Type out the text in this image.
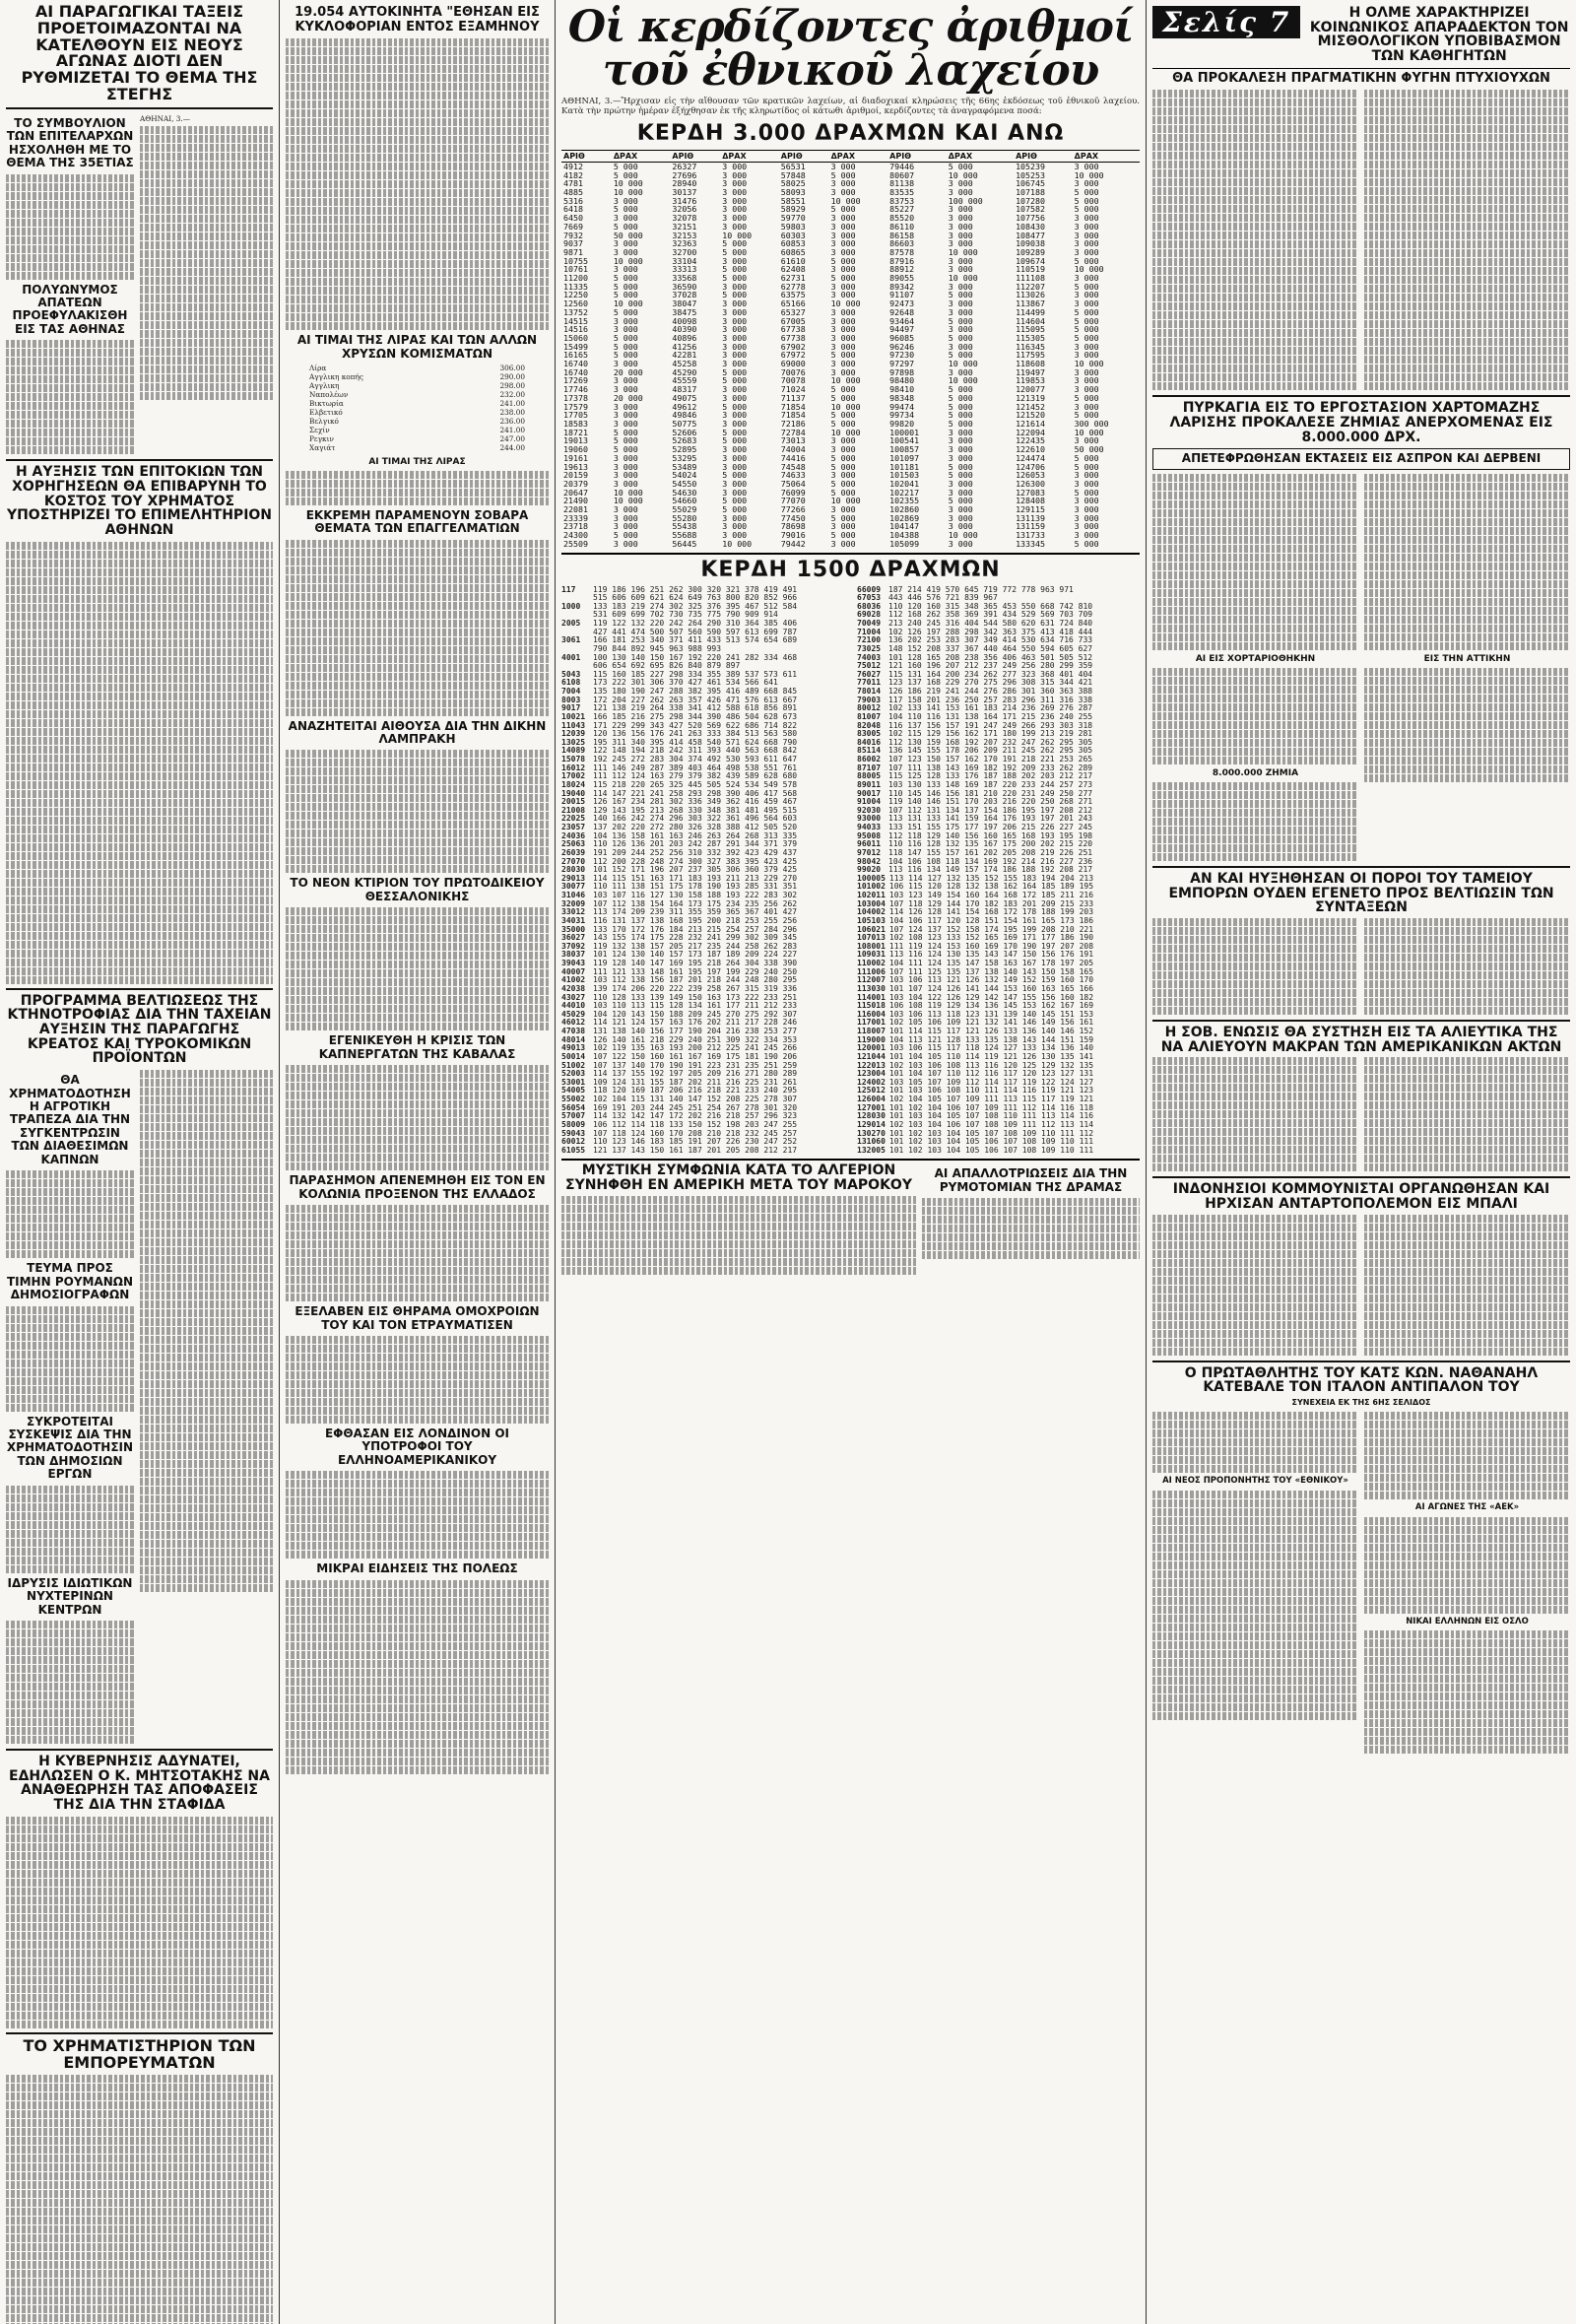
ΑΙ ΠΑΡΑΓΩΓΙΚΑΙ ΤΑΞΕΙΣ ΠΡΟΕΤΟΙΜΑΖΟΝΤΑΙ ΝΑ ΚΑΤΕΛΘΟΥΝ ΕΙΣ ΝΕΟΥΣ ΑΓΩΝΑΣ ΔΙΟΤΙ ΔΕΝ ΡΥΘΜΙΖΕΤΑΙ ΤΟ ΘΕΜΑ ΤΗΣ ΣΤΕΓΗΣ
ΤΟ ΣΥΜΒΟΥΛΙΟΝ ΤΩΝ ΕΠΙΤΕΛΑΡΧΩΝ ΗΣΧΟΛΗΘΗ ΜΕ ΤΟ ΘΕΜΑ ΤΗΣ 35ΕΤΙΑΣ
ΠΟΛΥΩΝΥΜΟΣ ΑΠΑΤΕΩΝ ΠΡΟΕΦΥΛΑΚΙΣΘΗ ΕΙΣ ΤΑΣ ΑΘΗΝΑΣ
ΑΘΗΝΑΙ, 3.—
Η ΑΥΞΗΣΙΣ ΤΩΝ ΕΠΙΤΟΚΙΩΝ ΤΩΝ ΧΟΡΗΓΗΣΕΩΝ ΘΑ ΕΠΙΒΑΡΥΝΗ ΤΟ ΚΟΣΤΟΣ ΤΟΥ ΧΡΗΜΑΤΟΣ ΥΠΟΣΤΗΡΙΖΕΙ ΤΟ ΕΠΙΜΕΛΗΤΗΡΙΟΝ ΑΘΗΝΩΝ
ΠΡΟΓΡΑΜΜΑ ΒΕΛΤΙΩΣΕΩΣ ΤΗΣ ΚΤΗΝΟΤΡΟΦΙΑΣ ΔΙΑ ΤΗΝ ΤΑΧΕΙΑΝ ΑΥΞΗΣΙΝ ΤΗΣ ΠΑΡΑΓΩΓΗΣ ΚΡΕΑΤΟΣ ΚΑΙ ΤΥΡΟΚΟΜΙΚΩΝ ΠΡΟΪΟΝΤΩΝ
ΘΑ ΧΡΗΜΑΤΟΔΟΤΗΣΗ Η ΑΓΡΟΤΙΚΗ ΤΡΑΠΕΖΑ ΔΙΑ ΤΗΝ ΣΥΓΚΕΝΤΡΩΣΙΝ ΤΩΝ ΔΙΑΘΕΣΙΜΩΝ ΚΑΠΝΩΝ
ΤΕΥΜΑ ΠΡΟΣ ΤΙΜΗΝ ΡΟΥΜΑΝΩΝ ΔΗΜΟΣΙΟΓΡΑΦΩΝ
ΣΥΚΡΟΤΕΙΤΑΙ ΣΥΣΚΕΨΙΣ ΔΙΑ ΤΗΝ ΧΡΗΜΑΤΟΔΟΤΗΣΙΝ ΤΩΝ ΔΗΜΟΣΙΩΝ ΕΡΓΩΝ
ΙΔΡΥΣΙΣ ΙΔΙΩΤΙΚΩΝ ΝΥΧΤΕΡΙΝΩΝ ΚΕΝΤΡΩΝ
Η ΚΥΒΕΡΝΗΣΙΣ ΑΔΥΝΑΤΕΙ, ΕΔΗΛΩΣΕΝ Ο Κ. ΜΗΤΣΟΤΑΚΗΣ ΝΑ ΑΝΑΘΕΩΡΗΣΗ ΤΑΣ ΑΠΟΦΑΣΕΙΣ ΤΗΣ ΔΙΑ ΤΗΝ ΣΤΑΦΙΔΑ
ΤΟ ΧΡΗΜΑΤΙΣΤΗΡΙΟΝ ΤΩΝ ΕΜΠΟΡΕΥΜΑΤΩΝ
19.054 ΑΥΤΟΚΙΝΗΤΑ "ΕΘΗΣΑΝ ΕΙΣ ΚΥΚΛΟΦΟΡΙΑΝ ΕΝΤΟΣ ΕΞΑΜΗΝΟΥ
ΑΙ ΤΙΜΑΙ ΤΗΣ ΛΙΡΑΣ ΚΑΙ ΤΩΝ ΑΛΛΩΝ ΧΡΥΣΩΝ ΚΟΜΙΣΜΑΤΩΝ
Λίρα	306.00
Αγγλικη κοπής	290.00
Αγγλικη	298.00
Ναπολέων	232.00
Βικτωρία	241.00
Ελβετικό	238.00
Βελγικό	236.00
Σεχίν	241.00
Ρεγκιν	247.00
Χαγιάτ	244.00
ΑΙ ΤΙΜΑΙ ΤΗΣ ΛΙΡΑΣ
ΕΚΚΡΕΜΗ ΠΑΡΑΜΕΝΟΥΝ ΣΟΒΑΡΑ ΘΕΜΑΤΑ ΤΩΝ ΕΠΑΓΓΕΛΜΑΤΙΩΝ
ΑΝΑΖΗΤΕΙΤΑΙ ΑΙΘΟΥΣΑ ΔΙΑ ΤΗΝ ΔΙΚΗΝ ΛΑΜΠΡΑΚΗ
ΤΟ ΝΕΟΝ ΚΤΙΡΙΟΝ ΤΟΥ ΠΡΩΤΟΔΙΚΕΙΟΥ ΘΕΣΣΑΛΟΝΙΚΗΣ
ΕΓΕΝΙΚΕΥΘΗ Η ΚΡΙΣΙΣ ΤΩΝ ΚΑΠΝΕΡΓΑΤΩΝ ΤΗΣ ΚΑΒΑΛΑΣ
ΠΑΡΑΣΗΜΟΝ ΑΠΕΝΕΜΗΘΗ ΕΙΣ ΤΟΝ ΕΝ ΚΟΛΩΝΙΑ ΠΡΟΞΕΝΟΝ ΤΗΣ ΕΛΛΑΔΟΣ
ΕΞΕΛΑΒΕΝ ΕΙΣ ΘΗΡΑΜΑ ΟΜΟΧΡΟΙΩΝ ΤΟΥ ΚΑΙ ΤΟΝ ΕΤΡΑΥΜΑΤΙΣΕΝ
ΕΦΘΑΣΑΝ ΕΙΣ ΛΟΝΔΙΝΟΝ ΟΙ ΥΠΟΤΡΟΦΟΙ ΤΟΥ ΕΛΛΗΝΟΑΜΕΡΙΚΑΝΙΚΟΥ
ΜΙΚΡΑΙ ΕΙΔΗΣΕΙΣ ΤΗΣ ΠΟΛΕΩΣ
Οἱ κερδίζοντες ἀριθμοί τοῦ ἐθνικοῦ λαχείου
ΑΘΗΝΑΙ, 3.—Ἤρχισαν εἰς τὴν αἴθουσαν τῶν κρατικῶν λαχείων, αἱ διαδοχικαί κληρώσεις τῆς 66ης ἐκδόσεως τοῦ ἐθνικοῦ λαχείου. Κατὰ τὴν πρώτην ἡμέραν ἐξήχθησαν ἐκ τῆς κληρωτίδος οἱ κάτωθι ἀριθμοί, κερδίζοντες τὰ ἀναγραφόμενα ποσά:
ΚΕΡΔΗ 3.000 ΔΡΑΧΜΩΝ ΚΑΙ ΑΝΩ
ΑΡΙΘ	ΔΡΑΧ	ΑΡΙΘ	ΔΡΑΧ	ΑΡΙΘ	ΔΡΑΧ	ΑΡΙΘ	ΔΡΑΧ	ΑΡΙΘ	ΔΡΑΧ
4912	5 000	26327	3 000	56531	3 000	79446	5 000	105239	3 000
4182	5 000	27696	3 000	57848	5 000	80607	10 000	105253	10 000
4781	10 000	28940	3 000	58025	3 000	81138	3 000	106745	3 000
4885	10 000	30137	3 000	58093	3 000	83535	3 000	107188	5 000
5316	3 000	31476	3 000	58551	10 000	83753	100 000	107280	5 000
6418	5 000	32056	3 000	58929	5 000	85227	3 000	107582	5 000
6450	3 000	32078	3 000	59770	3 000	85520	3 000	107756	3 000
7669	5 000	32151	3 000	59803	3 000	86110	3 000	108430	3 000
7932	50 000	32153	10 000	60303	3 000	86158	3 000	108477	3 000
9037	3 000	32363	5 000	60853	3 000	86603	3 000	109038	3 000
9871	3 000	32700	5 000	60865	3 000	87578	10 000	109289	3 000
10755	10 000	33104	3 000	61610	5 000	87916	3 000	109674	5 000
10761	3 000	33313	5 000	62408	3 000	88912	3 000	110519	10 000
11200	5 000	33568	5 000	62731	5 000	89055	10 000	111108	3 000
11335	5 000	36590	3 000	62778	3 000	89342	3 000	112207	5 000
12250	5 000	37028	5 000	63575	3 000	91107	5 000	113026	3 000
12560	10 000	38047	3 000	65166	10 000	92473	3 000	113867	3 000
13752	5 000	38475	3 000	65327	3 000	92648	3 000	114499	5 000
14515	3 000	40098	3 000	67005	3 000	93464	5 000	114604	5 000
14516	3 000	40390	3 000	67738	3 000	94497	3 000	115095	5 000
15060	5 000	40896	3 000	67738	3 000	96085	5 000	115305	5 000
15499	5 000	41256	3 000	67902	3 000	96246	3 000	116345	3 000
16165	5 000	42281	3 000	67972	5 000	97230	5 000	117595	3 000
16740	3 000	45258	3 000	69000	3 000	97297	10 000	118608	10 000
16740	20 000	45290	5 000	70076	3 000	97898	3 000	119497	3 000
17269	3 000	45559	5 000	70078	10 000	98480	10 000	119853	3 000
17746	3 000	48317	3 000	71024	5 000	98410	5 000	120077	3 000
17378	20 000	49075	3 000	71137	5 000	98348	5 000	121319	5 000
17579	3 000	49612	5 000	71854	10 000	99474	5 000	121452	3 000
17705	3 000	49846	3 000	71854	5 000	99734	5 000	121520	5 000
18583	3 000	50775	3 000	72186	5 000	99820	5 000	121614	300 000
18721	5 000	52606	5 000	72784	10 000	100001	3 000	122094	10 000
19013	5 000	52683	5 000	73013	3 000	100541	3 000	122435	3 000
19060	5 000	52895	3 000	74004	3 000	100857	3 000	122610	50 000
19161	3 000	53295	3 000	74416	5 000	101097	3 000	124474	5 000
19613	3 000	53489	3 000	74548	5 000	101181	5 000	124706	5 000
20159	3 000	54024	5 000	74633	3 000	101503	5 000	126053	3 000
20379	3 000	54550	3 000	75064	5 000	102041	3 000	126300	3 000
20647	10 000	54630	3 000	76099	5 000	102217	3 000	127083	5 000
21490	10 000	54660	5 000	77070	10 000	102355	5 000	128408	3 000
22081	3 000	55029	5 000	77266	3 000	102860	3 000	129115	3 000
23339	3 000	55280	3 000	77450	5 000	102869	3 000	131139	3 000
23718	3 000	55438	3 000	78698	3 000	104147	3 000	131159	3 000
24300	5 000	55688	3 000	79016	5 000	104388	10 000	131733	3 000
25509	3 000	56445	10 000	79442	3 000	105099	3 000	133345	5 000
ΚΕΡΔΗ 1500 ΔΡΑΧΜΩΝ
117	119 186 196 251 262 300 320 321 378 419 491
515 606 609 621 624 649 763 800 820 852 966
1000	133 183 219 274 302 325 376 395 467 512 584
531 609 699 702 730 735 775 790 909 914
2005	119 122 132 220 242 264 290 310 364 385 406
427 441 474 500 507 560 590 597 613 699 787
3061	166 181 253 340 371 411 433 513 574 654 689
790 844 892 945 963 988 993
4001	100 130 140 150 167 192 220 241 282 334 468
606 654 692 695 826 840 879 897
5043	115 160 185 227 298 334 355 389 537 573 611
6108	173 222 301 306 370 427 461 534 566 641
7004	135 180 190 247 288 382 395 416 489 668 845
8003	172 204 227 262 263 357 426 471 576 613 667
9017	121 138 219 264 338 341 412 588 618 856 891
10021 166 185 216 275 298 344 390 486 504 628 673
11043 171 229 299 343 427 520 569 622 686 714 822
12039 120 136 156 176 241 263 333 384 513 563 580
13025 195 311 340 395 414 458 540 571 624 668 790
14089 122 148 194 218 242 311 393 440 563 668 842
15078 192 245 272 283 304 374 492 530 593 611 647
16012 111 146 249 287 389 403 464 498 538 551 761
17002 111 112 124 163 279 379 382 439 589 628 680
18024 115 218 220 265 325 445 505 524 534 549 578
19040 114 147 221 241 258 293 298 390 406 417 568
20015 126 167 234 281 302 336 349 362 416 459 467
21008 129 143 195 213 268 330 348 381 481 495 515
22025 140 166 242 274 296 303 322 361 496 564 603
23057 137 202 220 272 280 326 328 388 412 505 520
24036 104 136 158 161 163 246 263 264 268 313 335
25063 110 126 136 201 203 242 287 291 344 371 379
26039 191 209 244 252 256 310 332 392 423 429 437
27070 112 200 228 248 274 300 327 383 395 423 425
28030 101 152 171 196 207 237 305 306 360 379 425
29013 114 115 151 163 171 183 193 211 213 229 270
30077 110 111 138 151 175 178 190 193 285 331 351
31046 103 107 116 127 130 158 188 193 222 283 302
32009 107 112 138 154 164 173 175 234 235 256 262
33012 113 174 209 239 311 355 359 365 367 401 427
34031 116 131 137 138 168 195 200 218 253 255 256
35000 133 170 172 176 184 213 215 254 257 284 296
36027 143 155 174 175 228 232 241 299 302 309 345
37092 119 132 138 157 205 217 235 244 258 262 283
38037 101 124 130 140 157 173 187 189 209 224 227
39043 119 128 140 147 169 195 218 264 304 338 390
40007 111 121 133 148 161 195 197 199 229 240 250
41002 103 112 138 156 187 201 218 244 248 280 295
42038 139 174 206 220 222 239 258 267 315 319 336
43027 110 128 133 139 149 150 163 173 222 233 251
44010 103 110 113 115 128 134 161 177 211 212 233
45029 104 120 143 150 188 209 245 270 275 292 307
46012 114 121 124 157 163 176 202 211 217 228 246
47038 131 138 140 156 177 190 204 216 238 253 277
48014 126 140 161 218 229 240 251 309 322 334 353
49013 102 119 135 163 193 200 212 225 241 245 266
50014 107 122 150 160 161 167 169 175 181 190 206
51002 107 137 140 170 190 191 223 231 235 251 259
52003 114 137 155 192 197 205 209 216 271 280 289
53001 109 124 131 155 187 202 211 216 225 231 261
54005 118 120 169 187 206 216 218 221 233 240 295
55002 102 104 115 131 140 147 152 208 225 278 307
56054 169 191 203 244 245 251 254 267 278 301 320
57007 114 132 142 147 172 202 216 218 257 296 323
58009 106 112 114 118 133 150 152 198 203 247 255
59043 107 118 124 160 170 208 210 218 232 245 257
60012 110 123 146 183 185 191 207 226 230 247 252
61055 121 137 143 150 161 187 201 205 208 212 217
66009 187 214 419 570 645 719 772 778 963 971
67053 443 446 576 721 839 967
68036 110 120 160 315 348 365 453 550 668 742 810
69028 112 168 262 358 369 391 434 529 569 703 709
70049 213 240 245 316 404 544 580 620 631 724 840
71004 102 126 197 288 298 342 363 375 413 418 444
72100 136 202 253 283 307 349 414 530 634 716 733
73025 148 152 208 337 367 440 464 550 594 605 627
74003 101 128 165 208 238 356 406 463 501 505 512
75012 121 160 196 207 212 237 249 256 280 299 359
76027 115 131 164 200 234 262 277 323 368 401 404
77011 123 137 168 229 270 275 296 308 315 344 421
78014 126 186 219 241 244 276 286 301 360 363 388
79003 117 158 201 236 250 257 283 296 311 316 338
80012 102 133 141 153 161 183 214 236 269 276 287
81007 104 110 116 131 138 164 171 215 236 240 255
82048 116 137 156 157 191 247 249 266 293 303 318
83005 102 115 129 156 162 171 180 199 213 219 281
84016 112 130 159 168 192 207 232 247 262 295 305
85114 136 145 155 178 206 209 211 245 262 295 305
86002 107 123 150 157 162 170 191 218 221 253 265
87107 107 111 138 143 169 182 192 209 233 262 289
88005 115 125 128 133 176 187 188 202 203 212 217
89011 103 130 133 148 169 187 220 233 244 257 273
90017 110 145 146 156 181 210 220 231 249 250 277
91004 119 140 146 151 170 203 216 220 250 268 271
92030 107 112 131 134 137 154 186 195 197 208 212
93000 113 131 133 141 159 164 176 193 197 201 243
94033 133 151 155 175 177 197 206 215 226 227 245
95008 112 118 129 140 156 160 165 168 193 195 198
96011 110 116 128 132 135 167 175 200 202 215 220
97012 118 147 155 157 161 202 205 208 219 226 251
98042 104 106 108 118 134 169 192 214 216 227 236
99020 113 116 134 149 157 174 186 188 192 208 217
100005 113 114 127 132 135 152 155 183 194 204 213
101002 106 115 120 128 132 138 162 164 185 189 195
102011 103 123 149 154 160 164 168 172 185 211 216
103004 107 118 129 144 170 182 183 201 209 215 233
104002 114 126 128 141 154 168 172 178 188 199 203
105103 104 106 117 120 128 151 154 161 165 173 186
106021 107 124 137 152 158 174 195 199 208 210 221
107013 102 108 123 133 152 165 169 171 177 186 190
108001 111 119 124 153 160 169 170 190 197 207 208
109031 113 116 124 130 135 143 147 150 156 176 191
110002 104 111 124 135 147 158 163 167 178 197 205
111006 107 111 125 135 137 138 140 143 150 158 165
112007 103 106 113 121 126 132 149 152 159 160 170
113030 101 107 124 126 141 144 153 160 163 165 166
114001 103 104 122 126 129 142 147 155 156 160 182
115018 106 108 119 129 134 136 145 153 162 167 169
116004 103 106 113 118 123 131 139 140 145 151 153
117001 102 105 106 109 121 132 141 146 149 156 161
118007 101 114 115 117 121 126 133 136 140 146 152
119000 104 113 121 128 133 135 138 143 144 151 159
120001 103 106 115 117 118 124 127 133 134 136 140
121044 101 104 105 110 114 119 121 126 130 135 141
122013 102 103 106 108 113 116 120 125 129 132 135
123004 101 104 107 110 112 116 117 120 123 127 131
124002 103 105 107 109 112 114 117 119 122 124 127
125012 101 103 106 108 110 111 114 116 119 121 123
126004 102 104 105 107 109 111 113 115 117 119 121
127001 101 102 104 106 107 109 111 112 114 116 118
128030 101 103 104 105 107 108 110 111 113 114 116
129014 102 103 104 106 107 108 109 111 112 113 114
130270 101 102 103 104 105 107 108 109 110 111 112
131060 101 102 103 104 105 106 107 108 109 110 111
132005 101 102 103 104 105 106 107 108 109 110 111
ΜΥΣΤΙΚΗ ΣΥΜΦΩΝΙΑ ΚΑΤΑ ΤΟ ΑΛΓΕΡΙΟΝ ΣΥΝΗΦΘΗ ΕΝ ΑΜΕΡΙΚΗ ΜΕΤΑ ΤΟΥ ΜΑΡΟΚΟΥ
ΑΙ ΑΠΑΛΛΟΤΡΙΩΣΕΙΣ ΔΙΑ ΤΗΝ ΡΥΜΟΤΟΜΙΑΝ ΤΗΣ ΔΡΑΜΑΣ
Σελίς 7	Η ΟΛΜΕ ΧΑΡΑΚΤΗΡΙΖΕΙ ΚΟΙΝΩΝΙΚΟΣ ΑΠΑΡΑΔΕΚΤΟΝ ΤΟΝ ΜΙΣΘΟΛΟΓΙΚΟΝ ΥΠΟΒΙΒΑΣΜΟΝ ΤΩΝ ΚΑΘΗΓΗΤΩΝ
ΘΑ ΠΡΟΚΑΛΕΣΗ ΠΡΑΓΜΑΤΙΚΗΝ ΦΥΓΗΝ ΠΤΥΧΙΟΥΧΩΝ
ΠΥΡΚΑΓΙΑ ΕΙΣ ΤΟ ΕΡΓΟΣΤΑΣΙΟΝ ΧΑΡΤΟΜΑΖΗΣ ΛΑΡΙΣΗΣ ΠΡΟΚΑΛΕΣΕ ΖΗΜΙΑΣ ΑΝΕΡΧΟΜΕΝΑΣ ΕΙΣ 8.000.000 ΔΡΧ.
ΑΠΕΤΕΦΡΩΘΗΣΑΝ ΕΚΤΑΣΕΙΣ ΕΙΣ ΑΣΠΡΟΝ ΚΑΙ ΔΕΡΒΕΝΙ
ΑΙ ΕΙΣ ΧΟΡΤΑΡΙΟΘΗΚΗΝ
8.000.000 ΖΗΜΙΑ
ΕΙΣ ΤΗΝ ΑΤΤΙΚΗΝ
ΑΝ ΚΑΙ ΗΥΞΗΘΗΣΑΝ ΟΙ ΠΟΡΟΙ ΤΟΥ ΤΑΜΕΙΟΥ ΕΜΠΟΡΩΝ ΟΥΔΕΝ ΕΓΕΝΕΤΟ ΠΡΟΣ ΒΕΛΤΙΩΣΙΝ ΤΩΝ ΣΥΝΤΑΞΕΩΝ
Η ΣΟΒ. ΕΝΩΣΙΣ ΘΑ ΣΥΣΤΗΣΗ ΕΙΣ ΤΑ ΑΛΙΕΥΤΙΚΑ ΤΗΣ ΝΑ ΑΛΙΕΥΟΥΝ ΜΑΚΡΑΝ ΤΩΝ ΑΜΕΡΙΚΑΝΙΚΩΝ ΑΚΤΩΝ
ΙΝΔΟΝΗΣΙΟΙ ΚΟΜΜΟΥΝΙΣΤΑΙ ΟΡΓΑΝΩΘΗΣΑΝ ΚΑΙ ΗΡΧΙΣΑΝ ΑΝΤΑΡΤΟΠΟΛΕΜΟΝ ΕΙΣ ΜΠΑΛΙ
Ο ΠΡΩΤΑΘΛΗΤΗΣ ΤΟΥ ΚΑΤΣ ΚΩΝ. ΝΑΘΑΝΑΗΛ ΚΑΤΕΒΑΛΕ ΤΟΝ ΙΤΑΛΟΝ ΑΝΤΙΠΑΛΟΝ ΤΟΥ
ΣΥΝΕΧΕΙΑ ΕΚ ΤΗΣ 6ΗΣ ΣΕΛΙΔΟΣ
ΑΙ ΝΕΟΣ ΠΡΟΠΟΝΗΤΗΣ ΤΟΥ «ΕΘΝΙΚΟΥ»
ΑΙ ΑΓΩΝΕΣ ΤΗΣ «ΑΕΚ»
ΝΙΚΑΙ ΕΛΛΗΝΩΝ ΕΙΣ ΟΣΛΟ
